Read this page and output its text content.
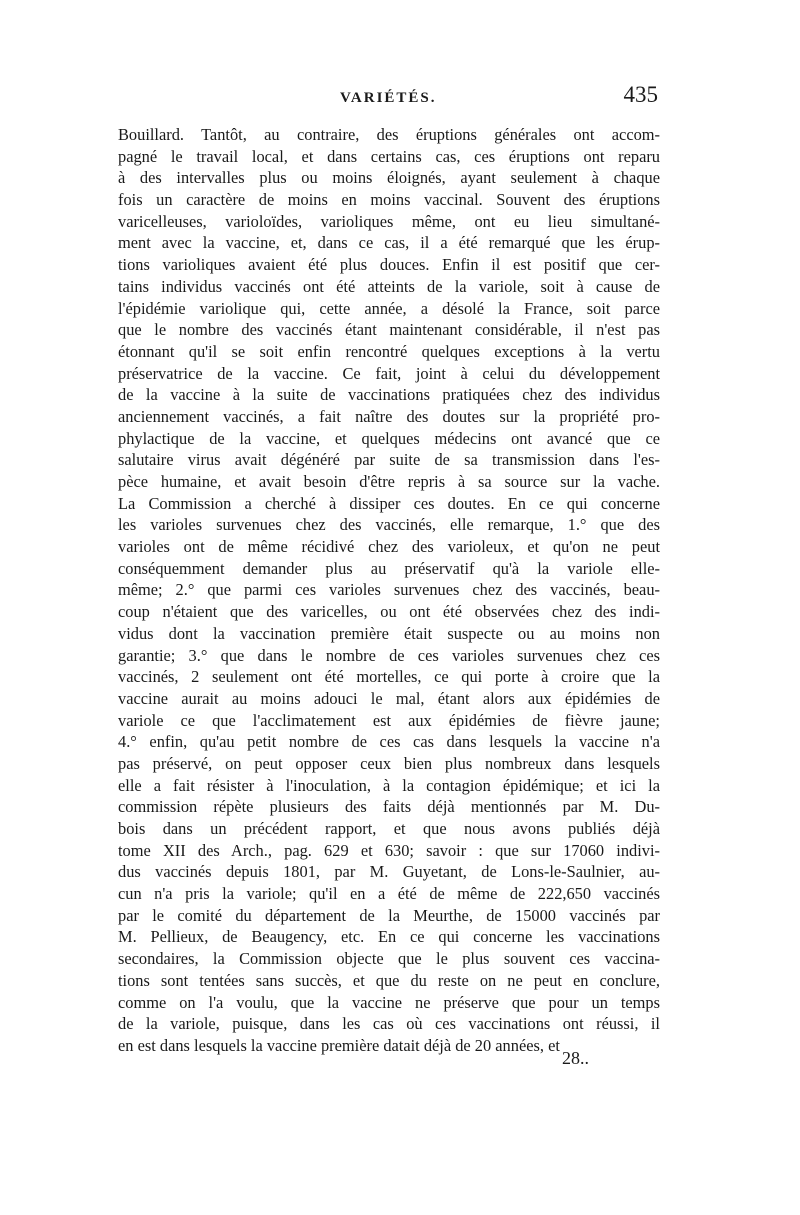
VARIÉTÉS.	435
Bouillard. Tantôt, au contraire, des éruptions générales ont accom-
pagné le travail local, et dans certains cas, ces éruptions ont reparu
à des intervalles plus ou moins éloignés, ayant seulement à chaque
fois un caractère de moins en moins vaccinal. Souvent des éruptions
varicelleuses, varioloïdes, varioliques même, ont eu lieu simultané-
ment avec la vaccine, et, dans ce cas, il a été remarqué que les érup-
tions varioliques avaient été plus douces. Enfin il est positif que cer-
tains individus vaccinés ont été atteints de la variole, soit à cause de
l'épidémie variolique qui, cette année, a désolé la France, soit parce
que le nombre des vaccinés étant maintenant considérable, il n'est pas
étonnant qu'il se soit enfin rencontré quelques exceptions à la vertu
préservatrice de la vaccine. Ce fait, joint à celui du développement
de la vaccine à la suite de vaccinations pratiquées chez des individus
anciennement vaccinés, a fait naître des doutes sur la propriété pro-
phylactique de la vaccine, et quelques médecins ont avancé que ce
salutaire virus avait dégénéré par suite de sa transmission dans l'es-
pèce humaine, et avait besoin d'être repris à sa source sur la vache.
La Commission a cherché à dissiper ces doutes. En ce qui concerne
les varioles survenues chez des vaccinés, elle remarque, 1.° que des
varioles ont de même récidivé chez des varioleux, et qu'on ne peut
conséquemment demander plus au préservatif qu'à la variole elle-
même; 2.° que parmi ces varioles survenues chez des vaccinés, beau-
coup n'étaient que des varicelles, ou ont été observées chez des indi-
vidus dont la vaccination première était suspecte ou au moins non
garantie; 3.° que dans le nombre de ces varioles survenues chez ces
vaccinés, 2 seulement ont été mortelles, ce qui porte à croire que la
vaccine aurait au moins adouci le mal, étant alors aux épidémies de
variole ce que l'acclimatement est aux épidémies de fièvre jaune;
4.° enfin, qu'au petit nombre de ces cas dans lesquels la vaccine n'a
pas préservé, on peut opposer ceux bien plus nombreux dans lesquels
elle a fait résister à l'inoculation, à la contagion épidémique; et ici la
commission répète plusieurs des faits déjà mentionnés par M. Du-
bois dans un précédent rapport, et que nous avons publiés déjà
tome XII des Arch., pag. 629 et 630; savoir : que sur 17060 indivi-
dus vaccinés depuis 1801, par M. Guyetant, de Lons-le-Saulnier, au-
cun n'a pris la variole; qu'il en a été de même de 222,650 vaccinés
par le comité du département de la Meurthe, de 15000 vaccinés par
M. Pellieux, de Beaugency, etc. En ce qui concerne les vaccinations
secondaires, la Commission objecte que le plus souvent ces vaccina-
tions sont tentées sans succès, et que du reste on ne peut en conclure,
comme on l'a voulu, que la vaccine ne préserve que pour un temps
de la variole, puisque, dans les cas où ces vaccinations ont réussi, il
en est dans lesquels la vaccine première datait déjà de 20 années, et
28..
